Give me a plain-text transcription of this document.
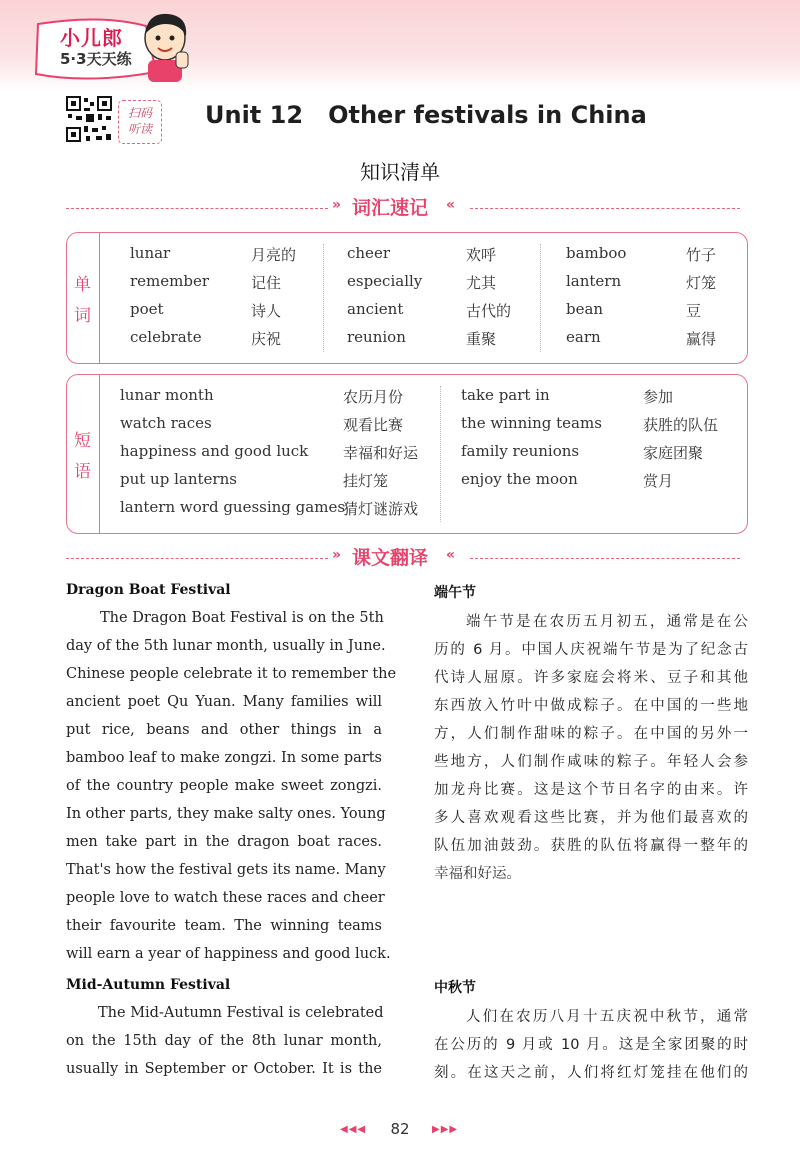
小儿郎
5·3天天练
扫码
听读	Unit 12   Other festivals in China
知识清单
» 词汇速记 «
单
词
lunar	月亮的
remember	记住
poet	诗人
celebrate	庆祝
cheer	欢呼
especially	尤其
ancient	古代的
reunion	重聚
bamboo	竹子
lantern	灯笼
bean	豆
earn	赢得
短
语
lunar month	农历月份
watch races	观看比赛
happiness and good luck 幸福和好运
put up lanterns	挂灯笼
lantern word guessing games
猜灯谜游戏
take part in	参加
the winning teams	获胜的队伍
family reunions	家庭团聚
enjoy the moon	赏月
» 课文翻译 «
Dragon Boat Festival
The Dragon Boat Festival is on the 5th
day of the 5th lunar month, usually in June.
Chinese people celebrate it to remember the
ancient poet Qu Yuan. Many families will
put rice, beans and other things in a
bamboo leaf to make zongzi. In some parts
of the country people make sweet zongzi.
In other parts, they make salty ones. Young
men take part in the dragon boat races.
That's how the festival gets its name. Many
people love to watch these races and cheer
their favourite team. The winning teams
will earn a year of happiness and good luck.
Mid-Autumn Festival
The Mid-Autumn Festival is celebrated
on the 15th day of the 8th lunar month,
usually in September or October. It is the
端午节
端午节是在农历五月初五，通常是在公
历的 6 月。中国人庆祝端午节是为了纪念古
代诗人屈原。许多家庭会将米、豆子和其他
东西放入竹叶中做成粽子。在中国的一些地
方，人们制作甜味的粽子。在中国的另外一
些地方，人们制作咸味的粽子。年轻人会参
加龙舟比赛。这是这个节日名字的由来。许
多人喜欢观看这些比赛，并为他们最喜欢的
队伍加油鼓劲。获胜的队伍将赢得一整年的
幸福和好运。
中秋节
人们在农历八月十五庆祝中秋节，通常
在公历的 9 月或 10 月。这是全家团聚的时
刻。在这天之前，人们将红灯笼挂在他们的
◀◀◀	82	▶▶▶
